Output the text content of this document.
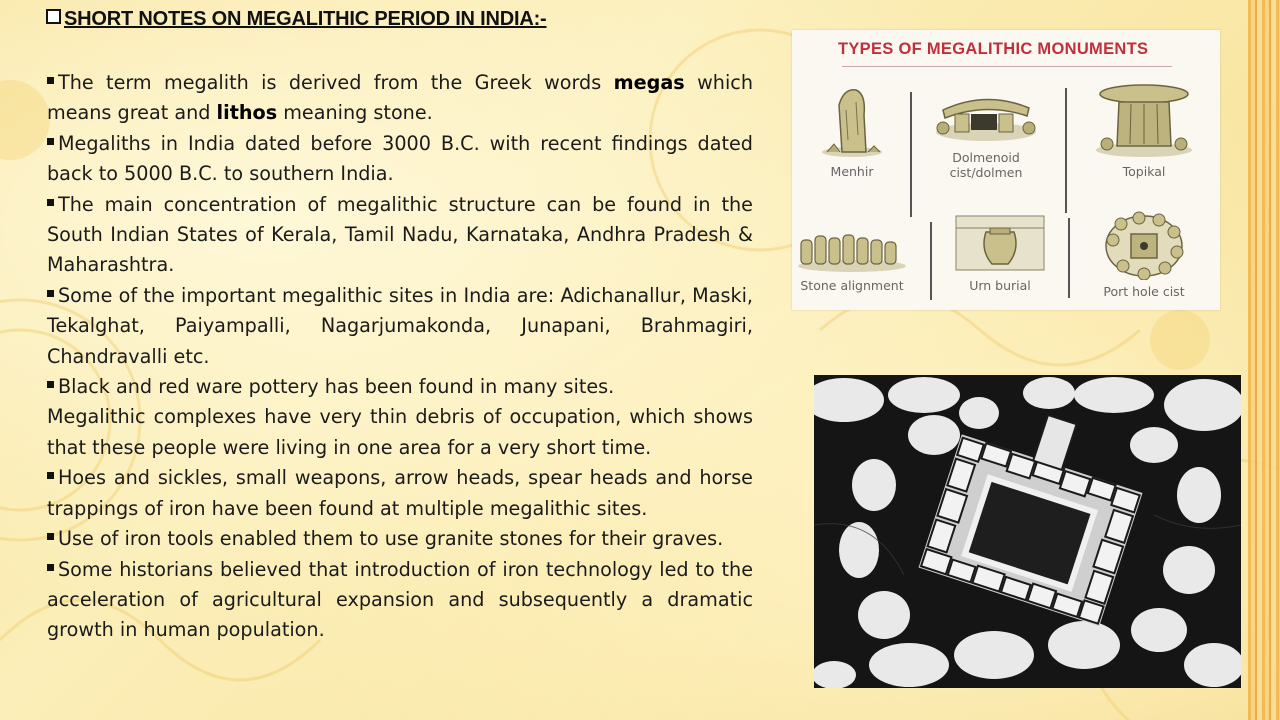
SHORT NOTES ON MEGALITHIC PERIOD IN INDIA:-

The term megalith is derived from the Greek words megas which means great and lithos meaning stone.

Megaliths in India dated before 3000 B.C. with recent findings dated back to 5000 B.C. to southern India.

The main concentration of megalithic structure can be found in the South Indian States of Kerala, Tamil Nadu, Karnataka, Andhra Pradesh & Maharashtra.

Some of the important megalithic sites in India are: Adichanallur, Maski, Tekalghat, Paiyampalli, Nagarjumakonda, Junapani, Brahmagiri, Chandravalli etc.

Black and red ware pottery has been found in many sites.

Megalithic complexes have very thin debris of occupation, which shows that these people were living in one area for a very short time.

Hoes and sickles, small weapons, arrow heads, spear heads and horse trappings of iron have been found at multiple megalithic sites.

Use of iron tools enabled them to use granite stones for their graves.

Some historians believed that introduction of iron technology led to the acceleration of agricultural expansion and subsequently a dramatic growth in human population.

TYPES OF MEGALITHIC MONUMENTS
Menhir
Dolmenoid
cist/dolmen	Topikal
Stone alignment	Urn burial	Port hole cist
